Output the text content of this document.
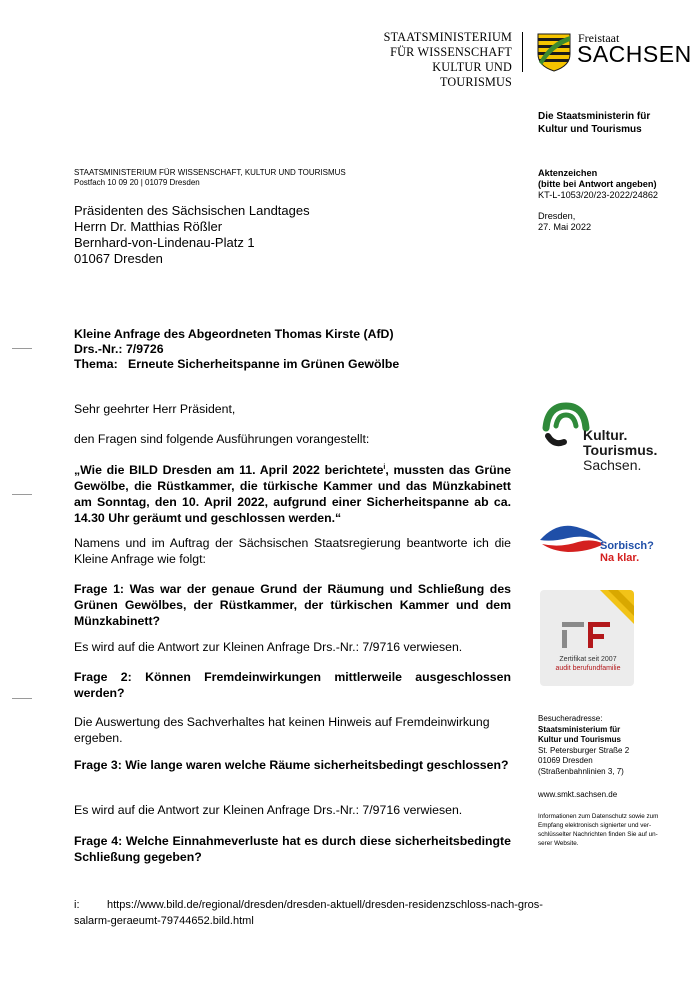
STAATSMINISTERIUM
FÜR WISSENSCHAFT
KULTUR UND TOURISMUS
Freistaat
SACHSEN
Die Staatsministerin für
Kultur und Tourismus
STAATSMINISTERIUM FÜR WISSENSCHAFT, KULTUR UND TOURISMUS
Postfach 10 09 20 | 01079 Dresden
Präsidenten des Sächsischen Landtages
Herrn Dr. Matthias Rößler
Bernhard-von-Lindenau-Platz 1
01067 Dresden
Aktenzeichen
(bitte bei Antwort angeben)
KT-L-1053/20/23-2022/24862
Dresden,
27. Mai 2022
Kleine Anfrage des Abgeordneten Thomas Kirste (AfD)
Drs.-Nr.: 7/9726
Thema: Erneute Sicherheitspanne im Grünen Gewölbe
Sehr geehrter Herr Präsident,
den Fragen sind folgende Ausführungen vorangestellt:
„Wie die BILD Dresden am 11. April 2022 berichtete$^i$, mussten das Grüne Gewölbe, die Rüstkammer, die türkische Kammer und das Münzkabinett am Sonntag, den 10. April 2022, aufgrund einer Sicherheitspanne ab ca. 14.30 Uhr geräumt und geschlossen werden.“
Namens und im Auftrag der Sächsischen Staatsregierung beantworte ich die Kleine Anfrage wie folgt:
Frage 1: Was war der genaue Grund der Räumung und Schließung des Grünen Gewölbes, der Rüstkammer, der türkischen Kammer und dem Münzkabinett?
Es wird auf die Antwort zur Kleinen Anfrage Drs.-Nr.: 7/9716 verwiesen.
Frage 2: Können Fremdeinwirkungen mittlerweile ausgeschlossen werden?
Die Auswertung des Sachverhaltes hat keinen Hinweis auf Fremdeinwirkung ergeben.
Frage 3: Wie lange waren welche Räume sicherheitsbedingt geschlossen?
Es wird auf die Antwort zur Kleinen Anfrage Drs.-Nr.: 7/9716 verwiesen.
Frage 4: Welche Einnahmeverluste hat es durch diese sicherheitsbedingte Schließung gegeben?
i:	https://www.bild.de/regional/dresden/dresden-aktuell/dresden-residenzschloss-nach-gros-
salarm-geraeumt-79744652.bild.html
Kultur.
Tourismus.
Sachsen.
Sorbisch?
Na klar.
Zertifikat seit 2007
audit berufundfamilie
Besucheradresse:
Staatsministerium für
Kultur und Tourismus
St. Petersburger Straße 2
01069 Dresden
(Straßenbahnlinien 3, 7)
www.smkt.sachsen.de
Informationen zum Datenschutz sowie zum
Empfang elektronisch signierter und ver-
schlüsselter Nachrichten finden Sie auf un-
serer Website.
